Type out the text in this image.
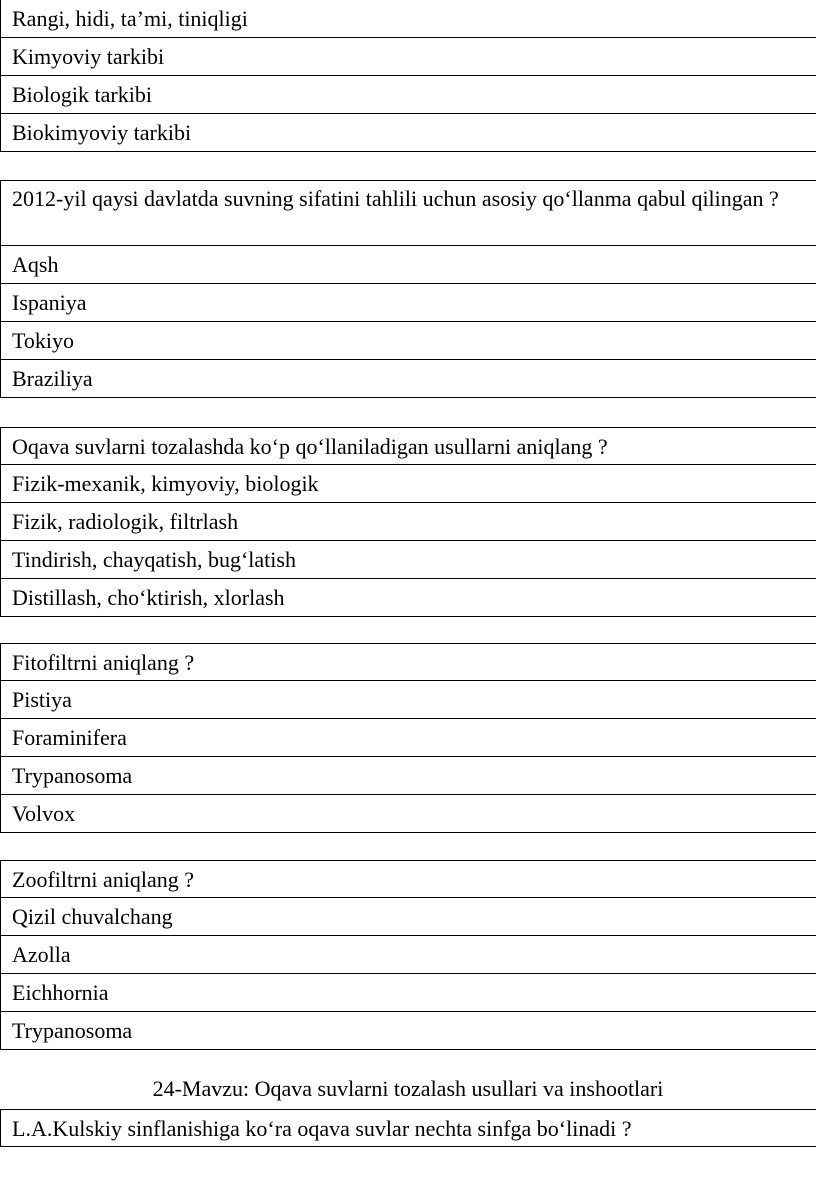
Rangi, hidi, ta’mi, tiniqligi
Kimyoviy tarkibi
Biologik tarkibi
Biokimyoviy tarkibi
2012-yil qaysi davlatda suvning sifatini tahlili uchun asosiy qo‘llanma qabul qilingan ?
Aqsh
Ispaniya
Tokiyo
Braziliya
Oqava suvlarni tozalashda ko‘p qo‘llaniladigan usullarni aniqlang ?
Fizik-mexanik, kimyoviy, biologik
Fizik, radiologik, filtrlash
Tindirish, chayqatish, bug‘latish
Distillash, cho‘ktirish, xlorlash
Fitofiltrni aniqlang ?
Pistiya
Foraminifera
Trypanosoma
Volvox
Zoofiltrni aniqlang ?
Qizil chuvalchang
Azolla
Eichhornia
Trypanosoma
24-Mavzu: Oqava suvlarni tozalash usullari va inshootlari
L.A.Kulskiy sinflanishiga ko‘ra oqava suvlar nechta sinfga bo‘linadi ?
